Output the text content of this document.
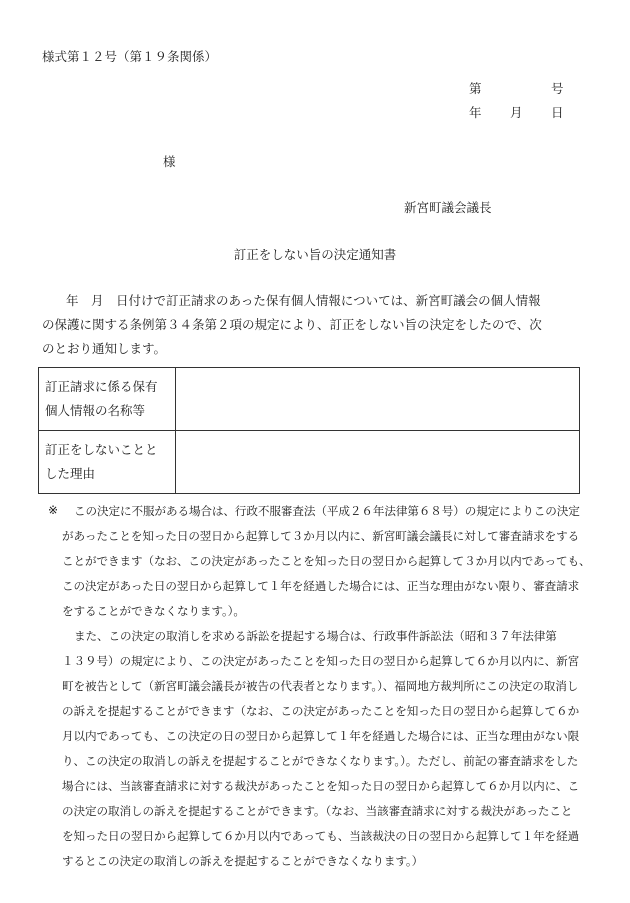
様式第１２号（第１９条関係）
第	号
年 月 日
様
新宮町議会議長
訂正をしない旨の決定通知書
年　月　日付けで訂正請求のあった保有個人情報については、新宮町議会の個人情報
の保護に関する条例第３４条第２項の規定により、訂正をしない旨の決定をしたので、次
のとおり通知します。
訂正請求に係る保有
個人情報の名称等	

訂正をしないことと
した理由	

※ この決定に不服がある場合は、行政不服審査法（平成２６年法律第６８号）の規定によりこの決定
があったことを知った日の翌日から起算して３か月以内に、新宮町議会議長に対して審査請求をする
ことができます（なお、この決定があったことを知った日の翌日から起算して３か月以内であっても、
この決定があった日の翌日から起算して１年を経過した場合には、正当な理由がない限り、審査請求
をすることができなくなります。）。
また、この決定の取消しを求める訴訟を提起する場合は、行政事件訴訟法（昭和３７年法律第
１３９号）の規定により、この決定があったことを知った日の翌日から起算して６か月以内に、新宮
町を被告として（新宮町議会議長が被告の代表者となります。）、福岡地方裁判所にこの決定の取消し
の訴えを提起することができます（なお、この決定があったことを知った日の翌日から起算して６か
月以内であっても、この決定の日の翌日から起算して１年を経過した場合には、正当な理由がない限
り、この決定の取消しの訴えを提起することができなくなります。）。ただし、前記の審査請求をした
場合には、当該審査請求に対する裁決があったことを知った日の翌日から起算して６か月以内に、こ
の決定の取消しの訴えを提起することができます。（なお、当該審査請求に対する裁決があったこと
を知った日の翌日から起算して６か月以内であっても、当該裁決の日の翌日から起算して１年を経過
するとこの決定の取消しの訴えを提起することができなくなります。）
